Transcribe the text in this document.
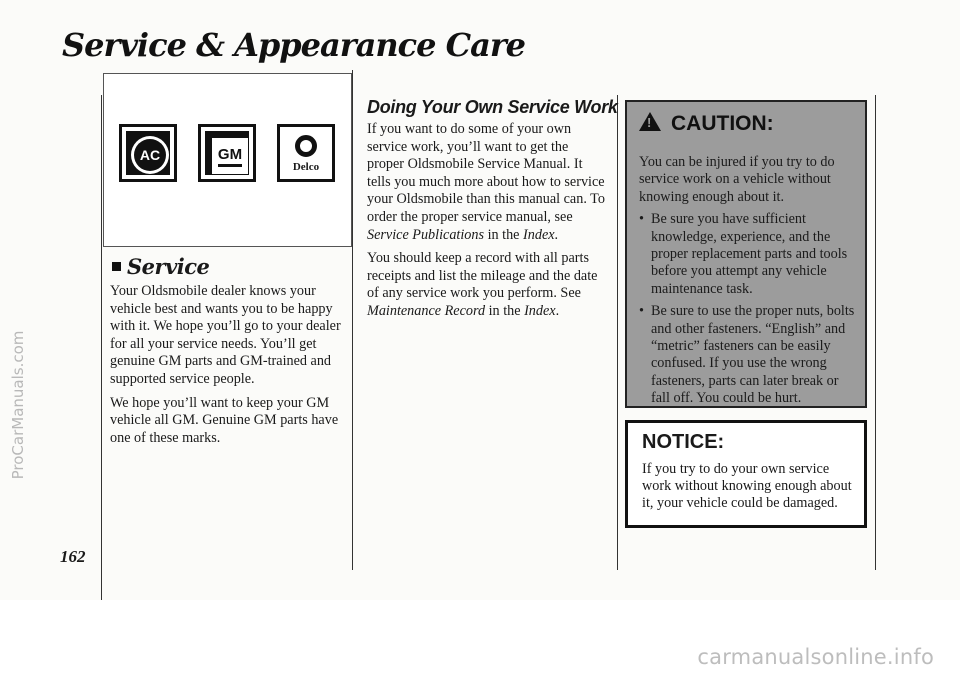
Service & Appearance Care
ProCarManuals.com
162
AC	GM
Delco
Service

Your Oldsmobile dealer knows your vehicle best and wants you to be happy with it. We hope you’ll go to your dealer for all your service needs. You’ll get genuine GM parts and GM-trained and supported service people.

We hope you’ll want to keep your GM vehicle all GM. Genuine GM parts have one of these marks.

Doing Your Own Service Work

If you want to do some of your own service work, you’ll want to get the proper Oldsmobile Service Manual. It tells you much more about how to service your Oldsmobile than this manual can. To order the proper service manual, see Service Publications in the Index.

You should keep a record with all parts receipts and list the mileage and the date of any service work you perform. See Maintenance Record in the Index.

!CAUTION:

You can be injured if you try to do service work on a vehicle without knowing enough about it.

• Be sure you have sufficient knowledge, experience, and the proper replacement parts and tools before you attempt any vehicle maintenance task.
• Be sure to use the proper nuts, bolts and other fasteners. “English” and “metric” fasteners can be easily confused. If you use the wrong fasteners, parts can later break or fall off. You could be hurt.
NOTICE:
If you try to do your own service work without knowing enough about it, your vehicle could be damaged.
carmanualsonline.info
